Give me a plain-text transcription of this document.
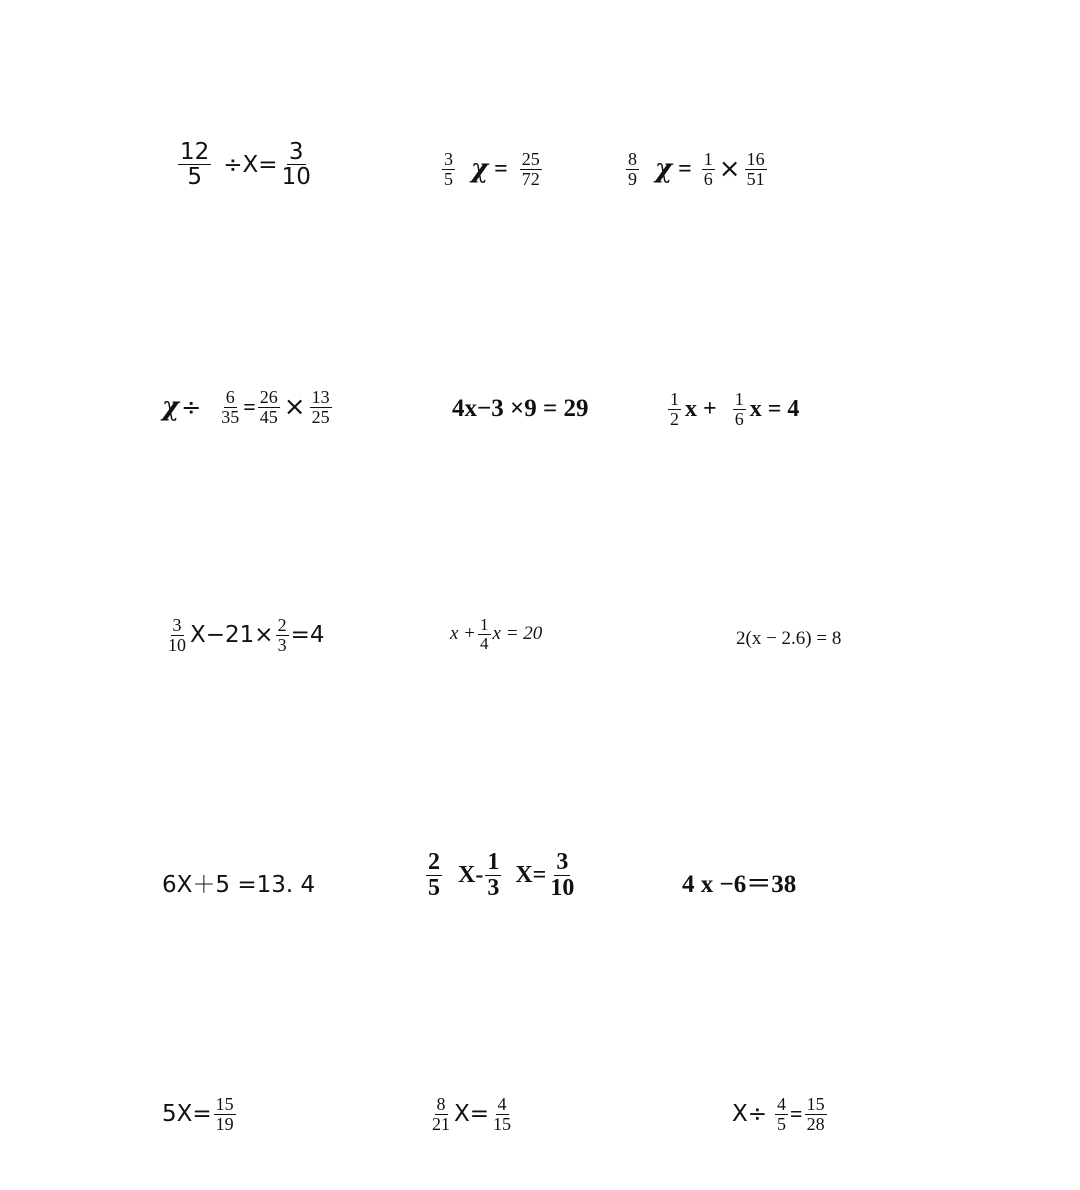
$\frac{12}{5} \div X= \frac{3}{10}$	$\frac{3}{5}$ $\chi = \frac{25}{72}$	$\frac{8}{9}$ $\chi = \frac{1}{6} \times \frac{16}{51}$
$\chi \div \frac{6}{35} = \frac{26}{45} \times \frac{13}{25}$	4x−3 ×9 = 29	$\frac{1}{2}$ $x + \frac{1}{6}$ x = 4
$\frac{3}{10} X-21\times \frac{2}{3} =4$	$x + \frac{1}{4}$ x = 20	2(x − 2.6) = 8
6X＋5 =13. 4	$\frac{2}{5} X- \frac{1}{3} X= \frac{3}{10}$	4 x −6＝38
$5X= \frac{15}{19}$	$\frac{8}{21} X= \frac{4}{15}$	$X\div \frac{4}{5} = \frac{15}{28}$
